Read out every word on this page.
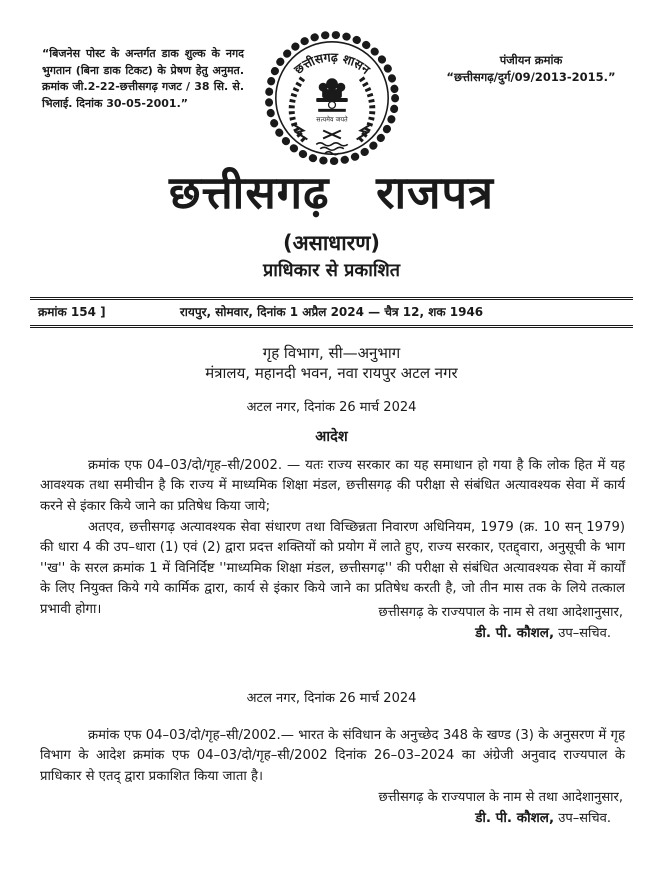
“बिजनेस पोस्ट के अन्तर्गत डाक शुल्क के नगद भुगतान (बिना डाक टिकट) के प्रेषण हेतु अनुमत. क्रमांक जी.2-22-छत्तीसगढ़ गजट / 38 सि. से. भिलाई. दिनांक 30-05-2001.”
पंजीयन क्रमांक
“छत्तीसगढ़/दुर्ग/09/2013-2015.”
छत्तीसगढ़ शासन
सत्यमेव जयते
छत्तीसगढ़ राजपत्र
(असाधारण)
प्राधिकार से प्रकाशित
क्रमांक 154 ]	रायपुर, सोमवार, दिनांक 1 अप्रैल 2024 — चैत्र 12, शक 1946
गृह विभाग, सी—अनुभाग
मंत्रालय, महानदी भवन, नवा रायपुर अटल नगर
अटल नगर, दिनांक 26 मार्च 2024
आदेश

क्रमांक एफ 04–03/दो/गृह–सी/2002. — यतः राज्य सरकार का यह समाधान हो गया है कि लोक हित में यह आवश्यक तथा समीचीन है कि राज्य में माध्यमिक शिक्षा मंडल, छत्तीसगढ़ की परीक्षा से संबंधित अत्यावश्यक सेवा में कार्य करने से इंकार किये जाने का प्रतिषेध किया जाये;

अतएव, छत्तीसगढ़ अत्यावश्यक सेवा संधारण तथा विच्छिन्नता निवारण अधिनियम, 1979 (क्र. 10 सन् 1979) की धारा 4 की उप–धारा (1) एवं (2) द्वारा प्रदत्त शक्तियों को प्रयोग में लाते हुए, राज्य सरकार, एतद्द्वारा, अनुसूची के भाग ''ख'' के सरल क्रमांक 1 में विनिर्दिष्ट ''माध्यमिक शिक्षा मंडल, छत्तीसगढ़'' की परीक्षा से संबंधित अत्यावश्यक सेवा में कार्यों के लिए नियुक्त किये गये कार्मिक द्वारा, कार्य से इंकार किये जाने का प्रतिषेध करती है, जो तीन मास तक के लिये तत्काल प्रभावी होगा।	छत्तीसगढ़ के राज्यपाल के नाम से तथा आदेशानुसार,
डी. पी. कौशल, उप–सचिव.
अटल नगर, दिनांक 26 मार्च 2024

क्रमांक एफ 04–03/दो/गृह–सी/2002.— भारत के संविधान के अनुच्छेद 348 के खण्ड (3) के अनुसरण में गृह विभाग के आदेश क्रमांक एफ 04–03/दो/गृह–सी/2002 दिनांक 26–03–2024 का अंग्रेजी अनुवाद राज्यपाल के प्राधिकार से एतद् द्वारा प्रकाशित किया जाता है।

छत्तीसगढ़ के राज्यपाल के नाम से तथा आदेशानुसार,
डी. पी. कौशल, उप–सचिव.
